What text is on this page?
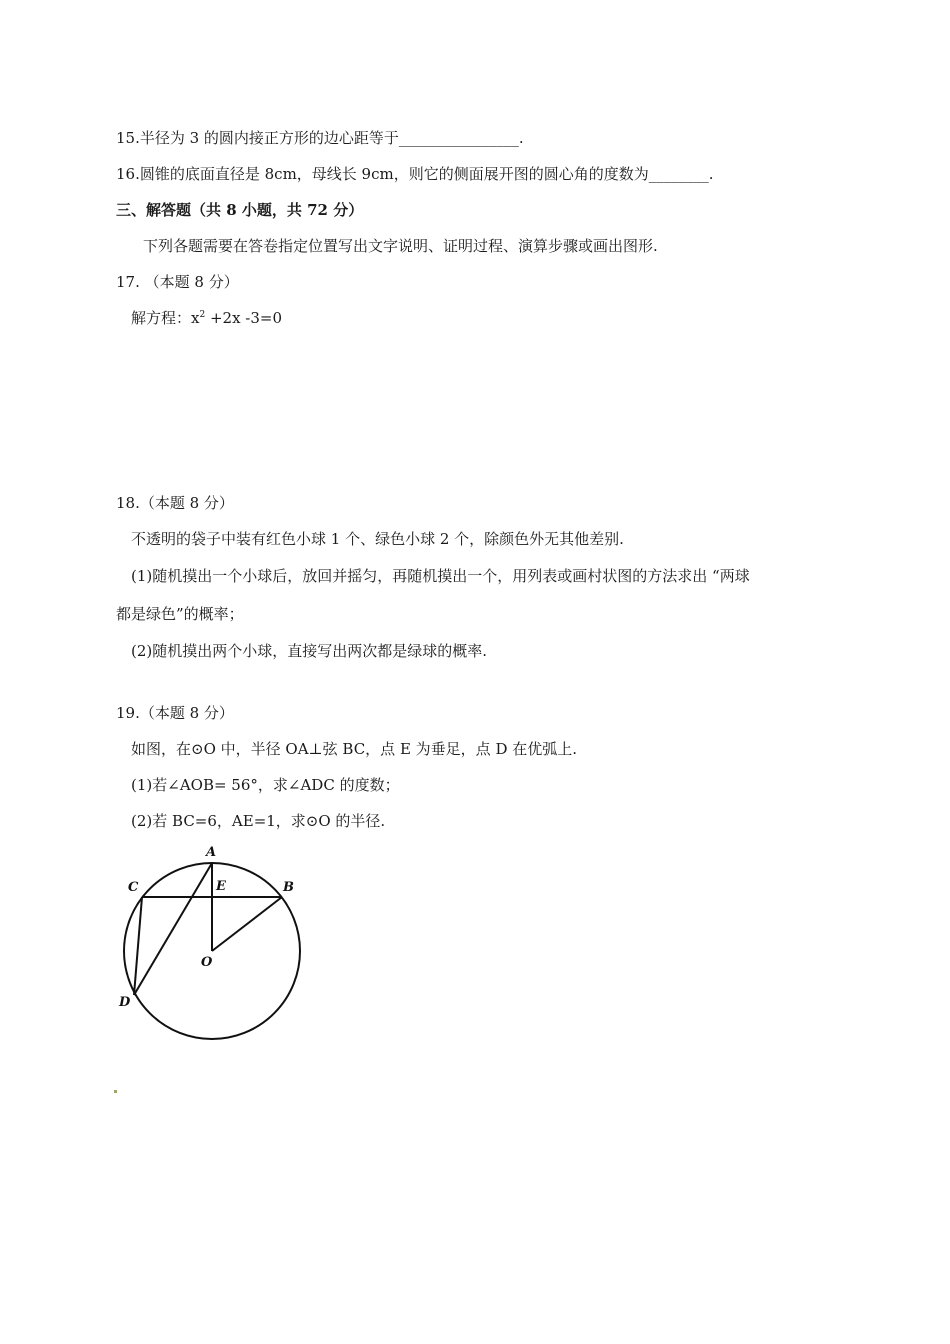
15.半径为 3 的圆内接正方形的边心距等于________________.
16.圆锥的底面直径是 8cm，母线长 9cm，则它的侧面展开图的圆心角的度数为________.
三、解答题（共 8 小题，共 72 分）
下列各题需要在答卷指定位置写出文字说明、证明过程、演算步骤或画出图形.
17. （本题 8 分）
解方程：$x^2 +2x$ -3=0
18.（本题 8 分）
不透明的袋子中装有红色小球 1 个、绿色小球 2 个，除颜色外无其他差别.
(1)随机摸出一个小球后，放回并摇匀，再随机摸出一个，用列表或画村状图的方法求出 “两球
都是绿色”的概率；
(2)随机摸出两个小球，直接写出两次都是绿球的概率.
19.（本题 8 分）
如图，在⊙O 中，半径 OA⊥弦 BC，点 E 为垂足，点 D 在优弧上.
(1)若∠AOB= 56°，求∠ADC 的度数；
(2)若 BC=6，AE=1，求⊙O 的半径.
A
B
C
D
E
O
